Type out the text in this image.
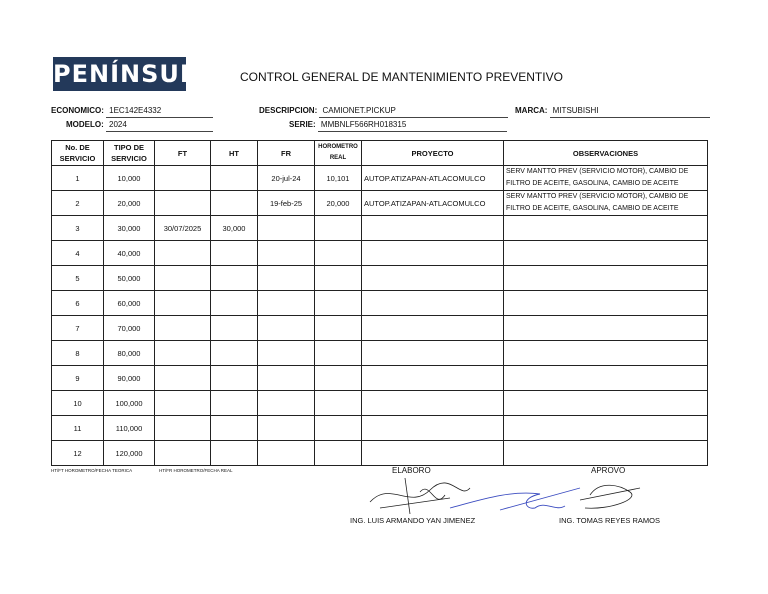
PENÍNSULA CONTROL GENERAL DE MANTENIMIENTO PREVENTIVO
ECONOMICO: 1EC142E4332
MODELO: 2024
DESCRIPCION: CAMIONET.PICKUP
SERIE: MMBNLF566RH018315
MARCA: MITSUBISHI
No. DE SERVICIO	TIPO DE SERVICIO	FT	HT	FR	HOROMETRO REAL	PROYECTO	OBSERVACIONES
1	10,000			20-jul-24	10,101	AUTOP.ATIZAPAN-ATLACOMULCO	SERV MANTTO PREV (SERVICIO MOTOR), CAMBIO DE FILTRO DE ACEITE, GASOLINA, CAMBIO DE ACEITE
2	20,000			19-feb-25	20,000	AUTOP.ATIZAPAN-ATLACOMULCO	SERV MANTTO PREV (SERVICIO MOTOR), CAMBIO DE FILTRO DE ACEITE, GASOLINA, CAMBIO DE ACEITE
3	30,000	30/07/2025	30,000				
4	40,000						
5	50,000						
6	60,000						
7	70,000						
8	80,000						
9	90,000						
10	100,000						
11	110,000						
12	120,000						
HT/FT HOROMETRO/FECHA TEORICA	HT/FR HOROMETRO/FECHA REAL	ELABORO	APROVO
ING. LUIS ARMANDO YAN JIMENEZ	ING. TOMAS REYES RAMOS
